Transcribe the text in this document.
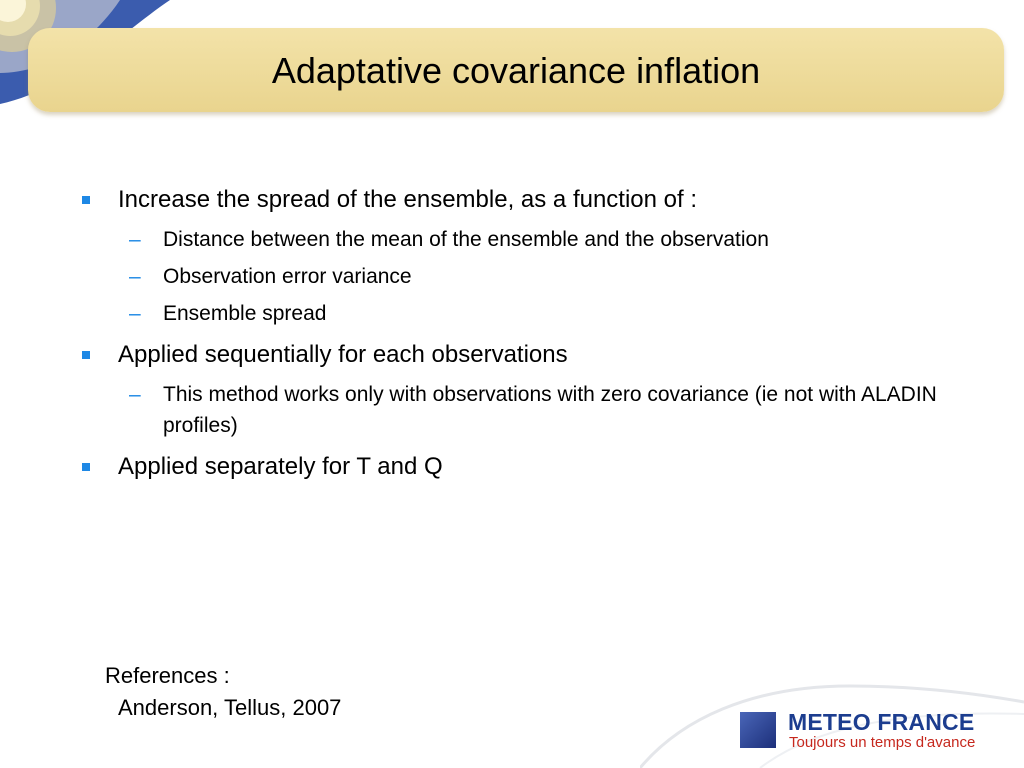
Adaptative covariance inflation
Increase the spread of the ensemble, as a function of :
– Distance between the mean of the ensemble and the observation
– Observation error variance
– Ensemble spread
Applied sequentially for each observations
– This method works only with observations with zero covariance (ie not with ALADIN profiles)
Applied separately for T and Q
References :
Anderson, Tellus, 2007
METEO FRANCE
Toujours un temps d'avance
